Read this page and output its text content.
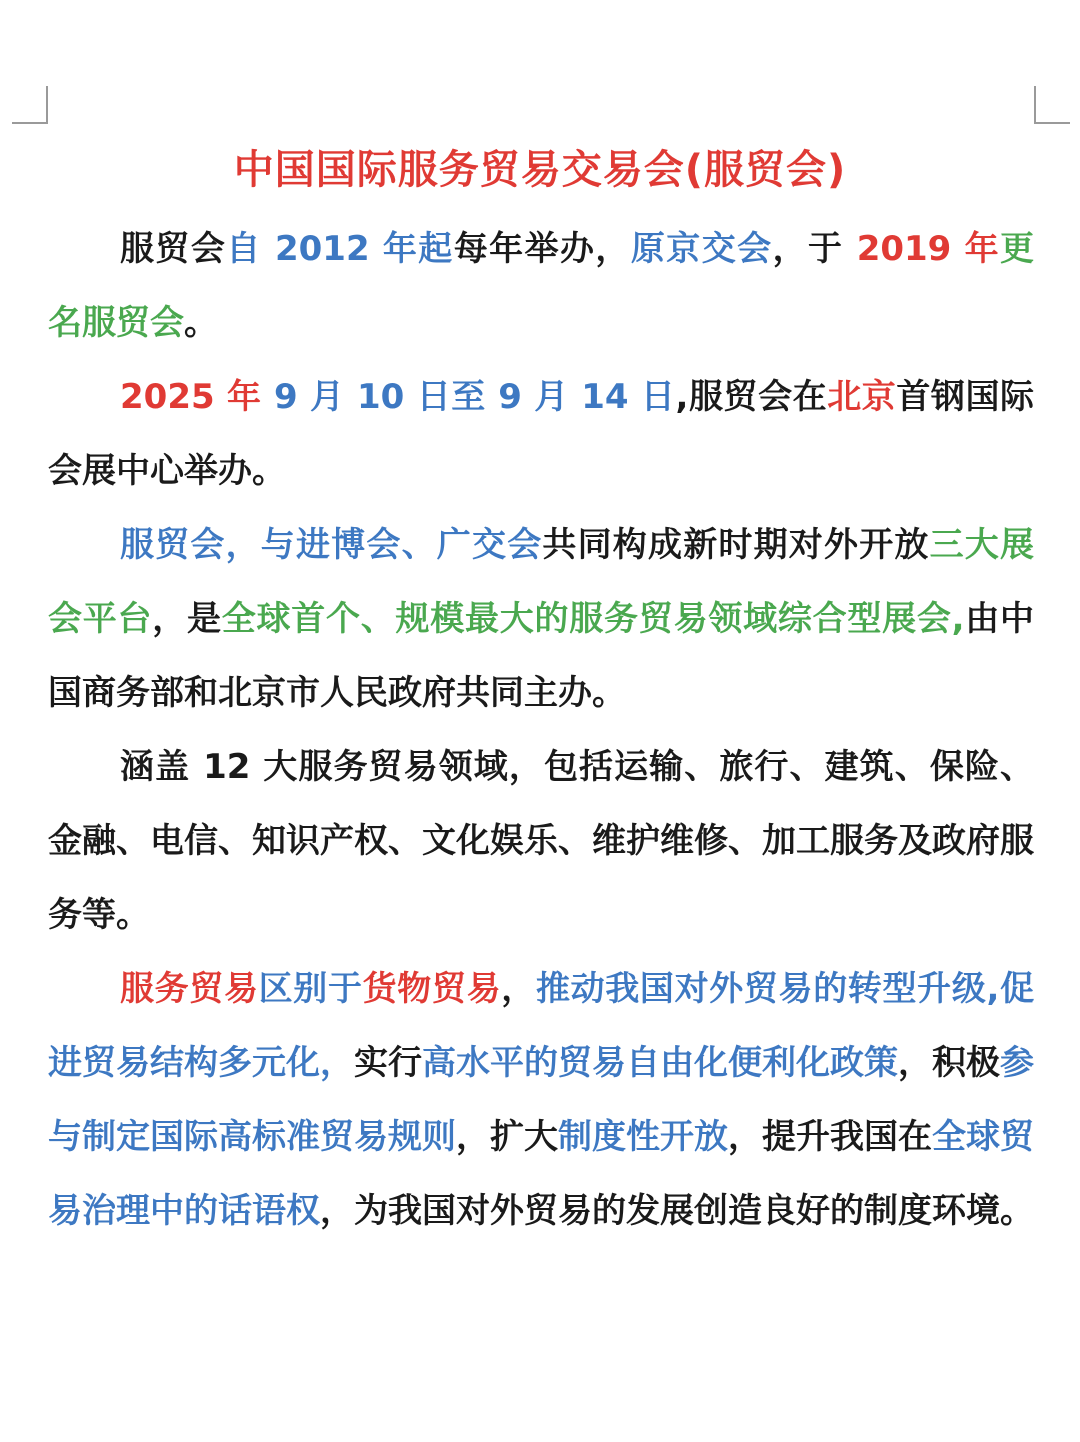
中国国际服务贸易交易会(服贸会)

服贸会自 2012 年起每年举办，原京交会，于 2019 年更名服贸会。

2025 年 9 月 10 日至 9 月 14 日,服贸会在北京首钢国际会展中心举办。

服贸会，与进博会、广交会共同构成新时期对外开放三大展会平台，是全球首个、规模最大的服务贸易领域综合型展会,由中国商务部和北京市人民政府共同主办。

涵盖 12 大服务贸易领域，包括运输、旅行、建筑、保险、金融、电信、知识产权、文化娱乐、维护维修、加工服务及政府服务等。

服务贸易区别于货物贸易，推动我国对外贸易的转型升级,促进贸易结构多元化，实行高水平的贸易自由化便利化政策，积极参与制定国际高标准贸易规则，扩大制度性开放，提升我国在全球贸易治理中的话语权，为我国对外贸易的发展创造良好的制度环境。
